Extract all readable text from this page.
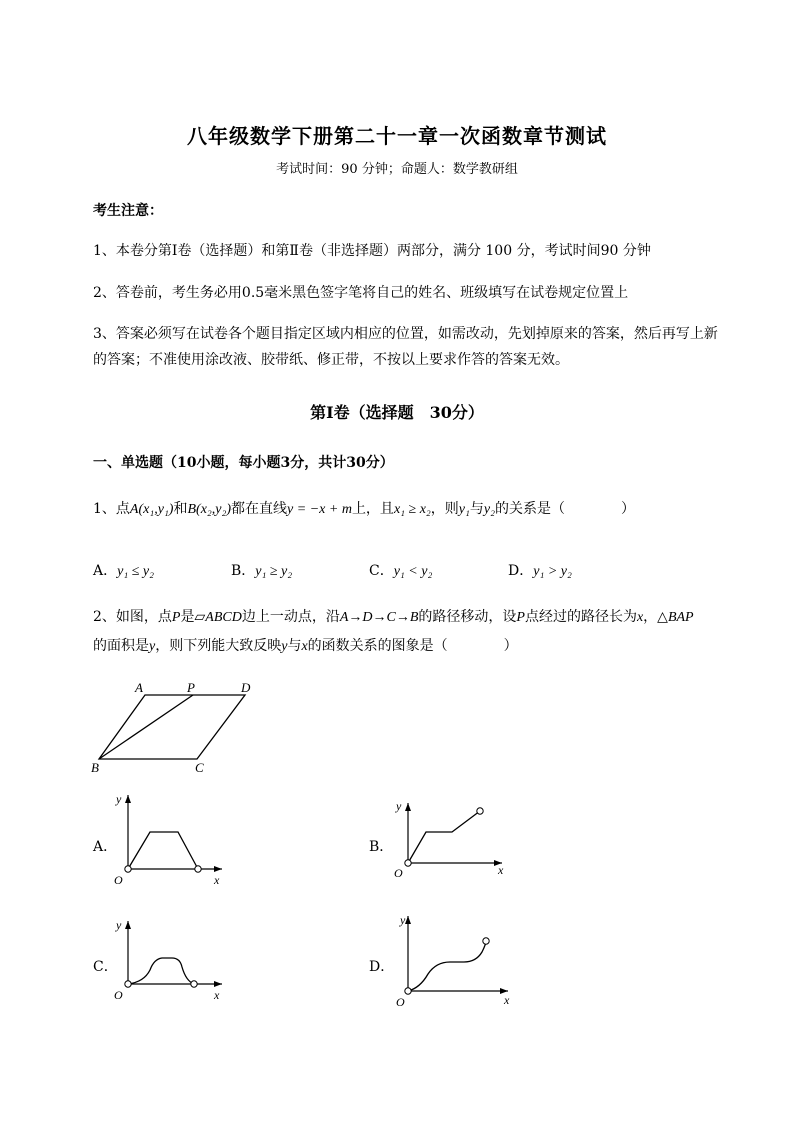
八年级数学下册第二十一章一次函数章节测试
考试时间：90 分钟；命题人：数学教研组
考生注意：
1、本卷分第Ⅰ卷（选择题）和第Ⅱ卷（非选择题）两部分，满分 100 分，考试时间90 分钟
2、答卷前，考生务必用0.5毫米黑色签字笔将自己的姓名、班级填写在试卷规定位置上
3、答案必须写在试卷各个题目指定区域内相应的位置，如需改动，先划掉原来的答案，然后再写上新
的答案；不准使用涂改液、胶带纸、修正带，不按以上要求作答的答案无效。
第Ⅰ卷（选择题　30分）
一、单选题（10小题，每小题3分，共计30分）
1、点A(x₁,y₁)和B(x₂,y₂)都在直线y = −x + m上，且x₁ ≥ x₂，则y₁与y₂的关系是（	）
A．y₁ ≤ y₂	B．y₁ ≥ y₂	C．y₁ < y₂	D．y₁ > y₂
2、如图，点P是▱ABCD边上一动点，沿A→D→C→B的路径移动，设P点经过的路径长为x，△BAP
的面积是y，则下列能大致反映y与x的函数关系的图象是（	）
A	P	D
B	C
A．
y
x
O
B．
y
x
O
C．
y
x
O
D．
y
x
O
